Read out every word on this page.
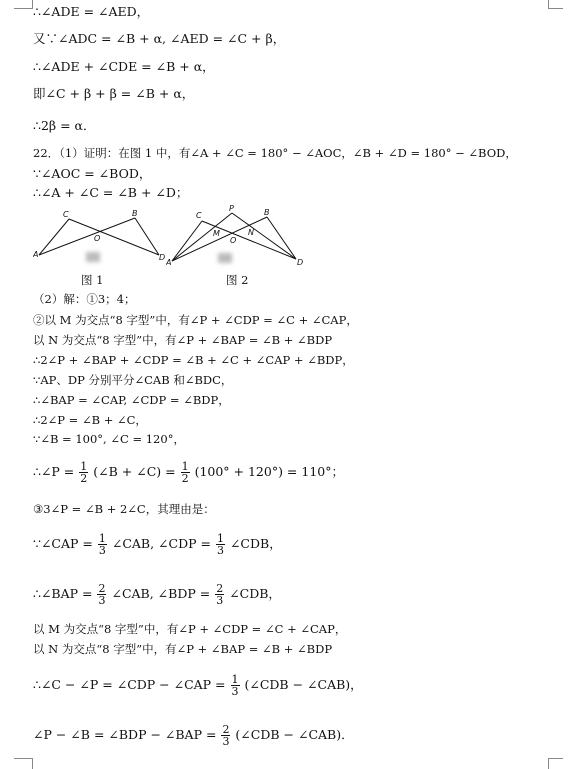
∴∠ADE = ∠AED，
又∵∠ADC = ∠B + α, ∠AED = ∠C + β，
∴∠ADE + ∠CDE = ∠B + α，
即∠C + β + β = ∠B + α，
∴2β = α．
22．（1）证明：在图 1 中，有∠A + ∠C = 180° − ∠AOC，∠B + ∠D = 180° − ∠BOD，
∵∠AOC = ∠BOD，
∴∠A + ∠C = ∠B + ∠D；
A
C	B
D
O
图 1
A
C
P	B
D
M
O
N
图 2
（2）解：①3；4；
②以 M 为交点“8 字型”中，有∠P + ∠CDP = ∠C + ∠CAP，
以 N 为交点“8 字型”中，有∠P + ∠BAP = ∠B + ∠BDP
∴2∠P + ∠BAP + ∠CDP = ∠B + ∠C + ∠CAP + ∠BDP，
∵AP、DP 分别平分∠CAB 和∠BDC，
∴∠BAP = ∠CAP, ∠CDP = ∠BDP，
∴2∠P = ∠B + ∠C，
∵∠B = 100°, ∠C = 120°，
∴∠P = $\frac{1}{2}$ (∠B + ∠C) = $\frac{1}{2} (100^\circ + 120^\circ) = 110^\circ$；
③3∠P = ∠B + 2∠C，其理由是：
∵∠CAP = $\frac{1}{3}$ ∠CAB, ∠CDP = $\frac{1}{3}$ ∠CDB，
∴∠BAP = $\frac{2}{3}$ ∠CAB, ∠BDP = $\frac{2}{3}$ ∠CDB，
以 M 为交点“8 字型”中，有∠P + ∠CDP = ∠C + ∠CAP，
以 N 为交点“8 字型”中，有∠P + ∠BAP = ∠B + ∠BDP
∴∠C − ∠P = ∠CDP − ∠CAP = $\frac{1}{3}$ (∠CDB − ∠CAB)，
∠P − ∠B = ∠BDP − ∠BAP = $\frac{2}{3}$ (∠CDB − ∠CAB)．
